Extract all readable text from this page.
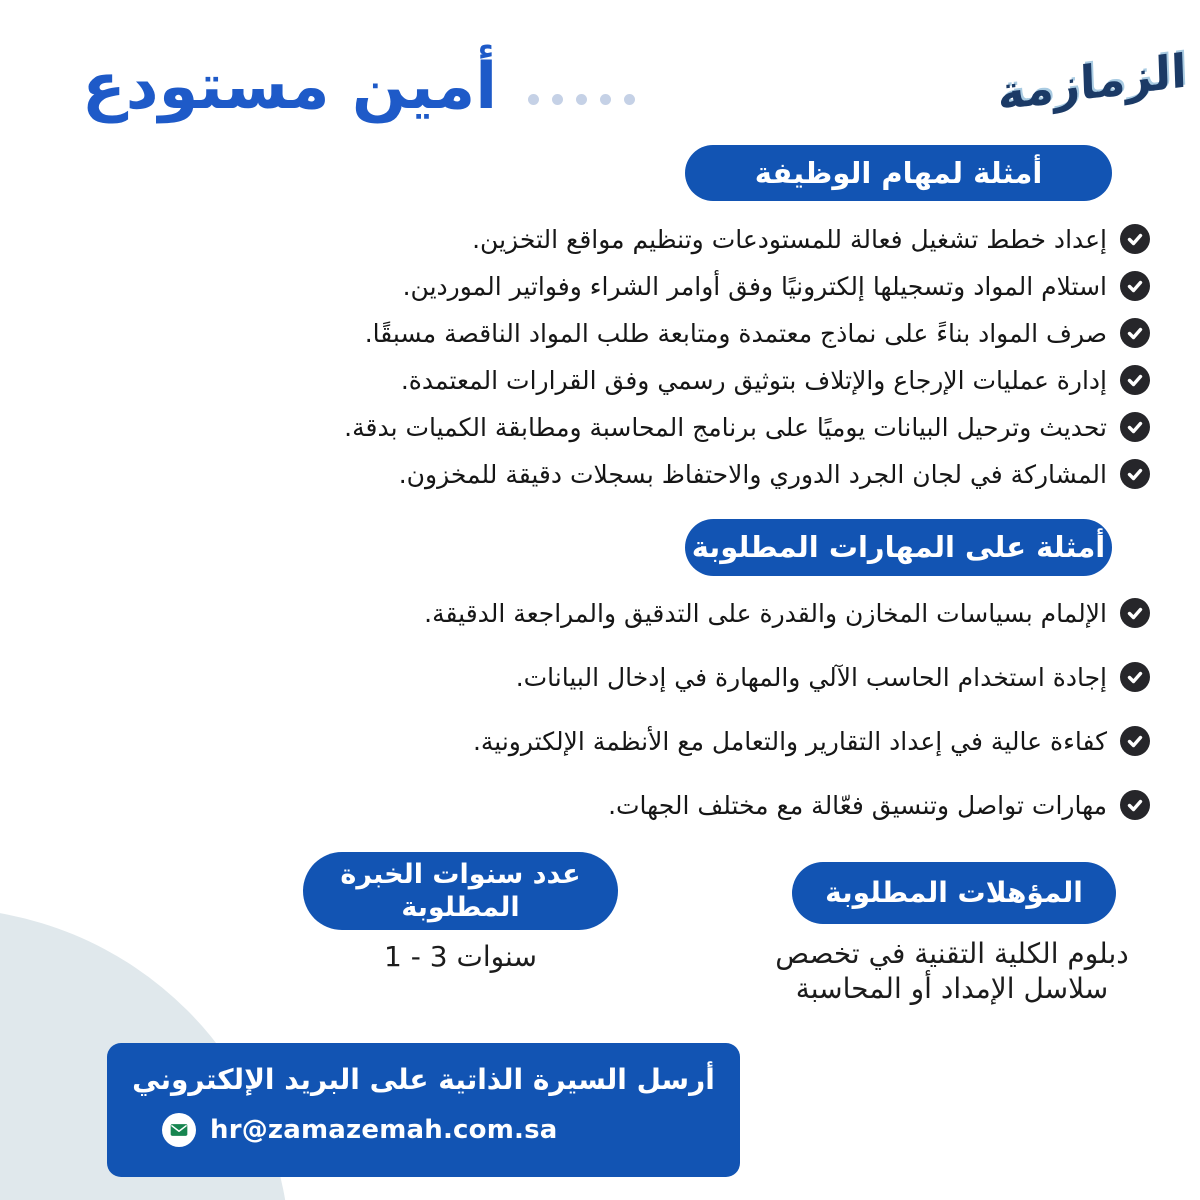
أمين مستودع	الزمازمة
أمثلة لمهام الوظيفة
إعداد خطط تشغيل فعالة للمستودعات وتنظيم مواقع التخزين.
استلام المواد وتسجيلها إلكترونيًا وفق أوامر الشراء وفواتير الموردين.
صرف المواد بناءً على نماذج معتمدة ومتابعة طلب المواد الناقصة مسبقًا.
إدارة عمليات الإرجاع والإتلاف بتوثيق رسمي وفق القرارات المعتمدة.
تحديث وترحيل البيانات يوميًا على برنامج المحاسبة ومطابقة الكميات بدقة.
المشاركة في لجان الجرد الدوري والاحتفاظ بسجلات دقيقة للمخزون.
أمثلة على المهارات المطلوبة
الإلمام بسياسات المخازن والقدرة على التدقيق والمراجعة الدقيقة.
إجادة استخدام الحاسب الآلي والمهارة في إدخال البيانات.
كفاءة عالية في إعداد التقارير والتعامل مع الأنظمة الإلكترونية.
مهارات تواصل وتنسيق فعّالة مع مختلف الجهات.
عدد سنوات الخبرة
المطلوبة
1 - 3 سنوات
المؤهلات المطلوبة
دبلوم الكلية التقنية في تخصص
سلاسل الإمداد أو المحاسبة
أرسل السيرة الذاتية على البريد الإلكتروني
hr@zamazemah.com.sa
